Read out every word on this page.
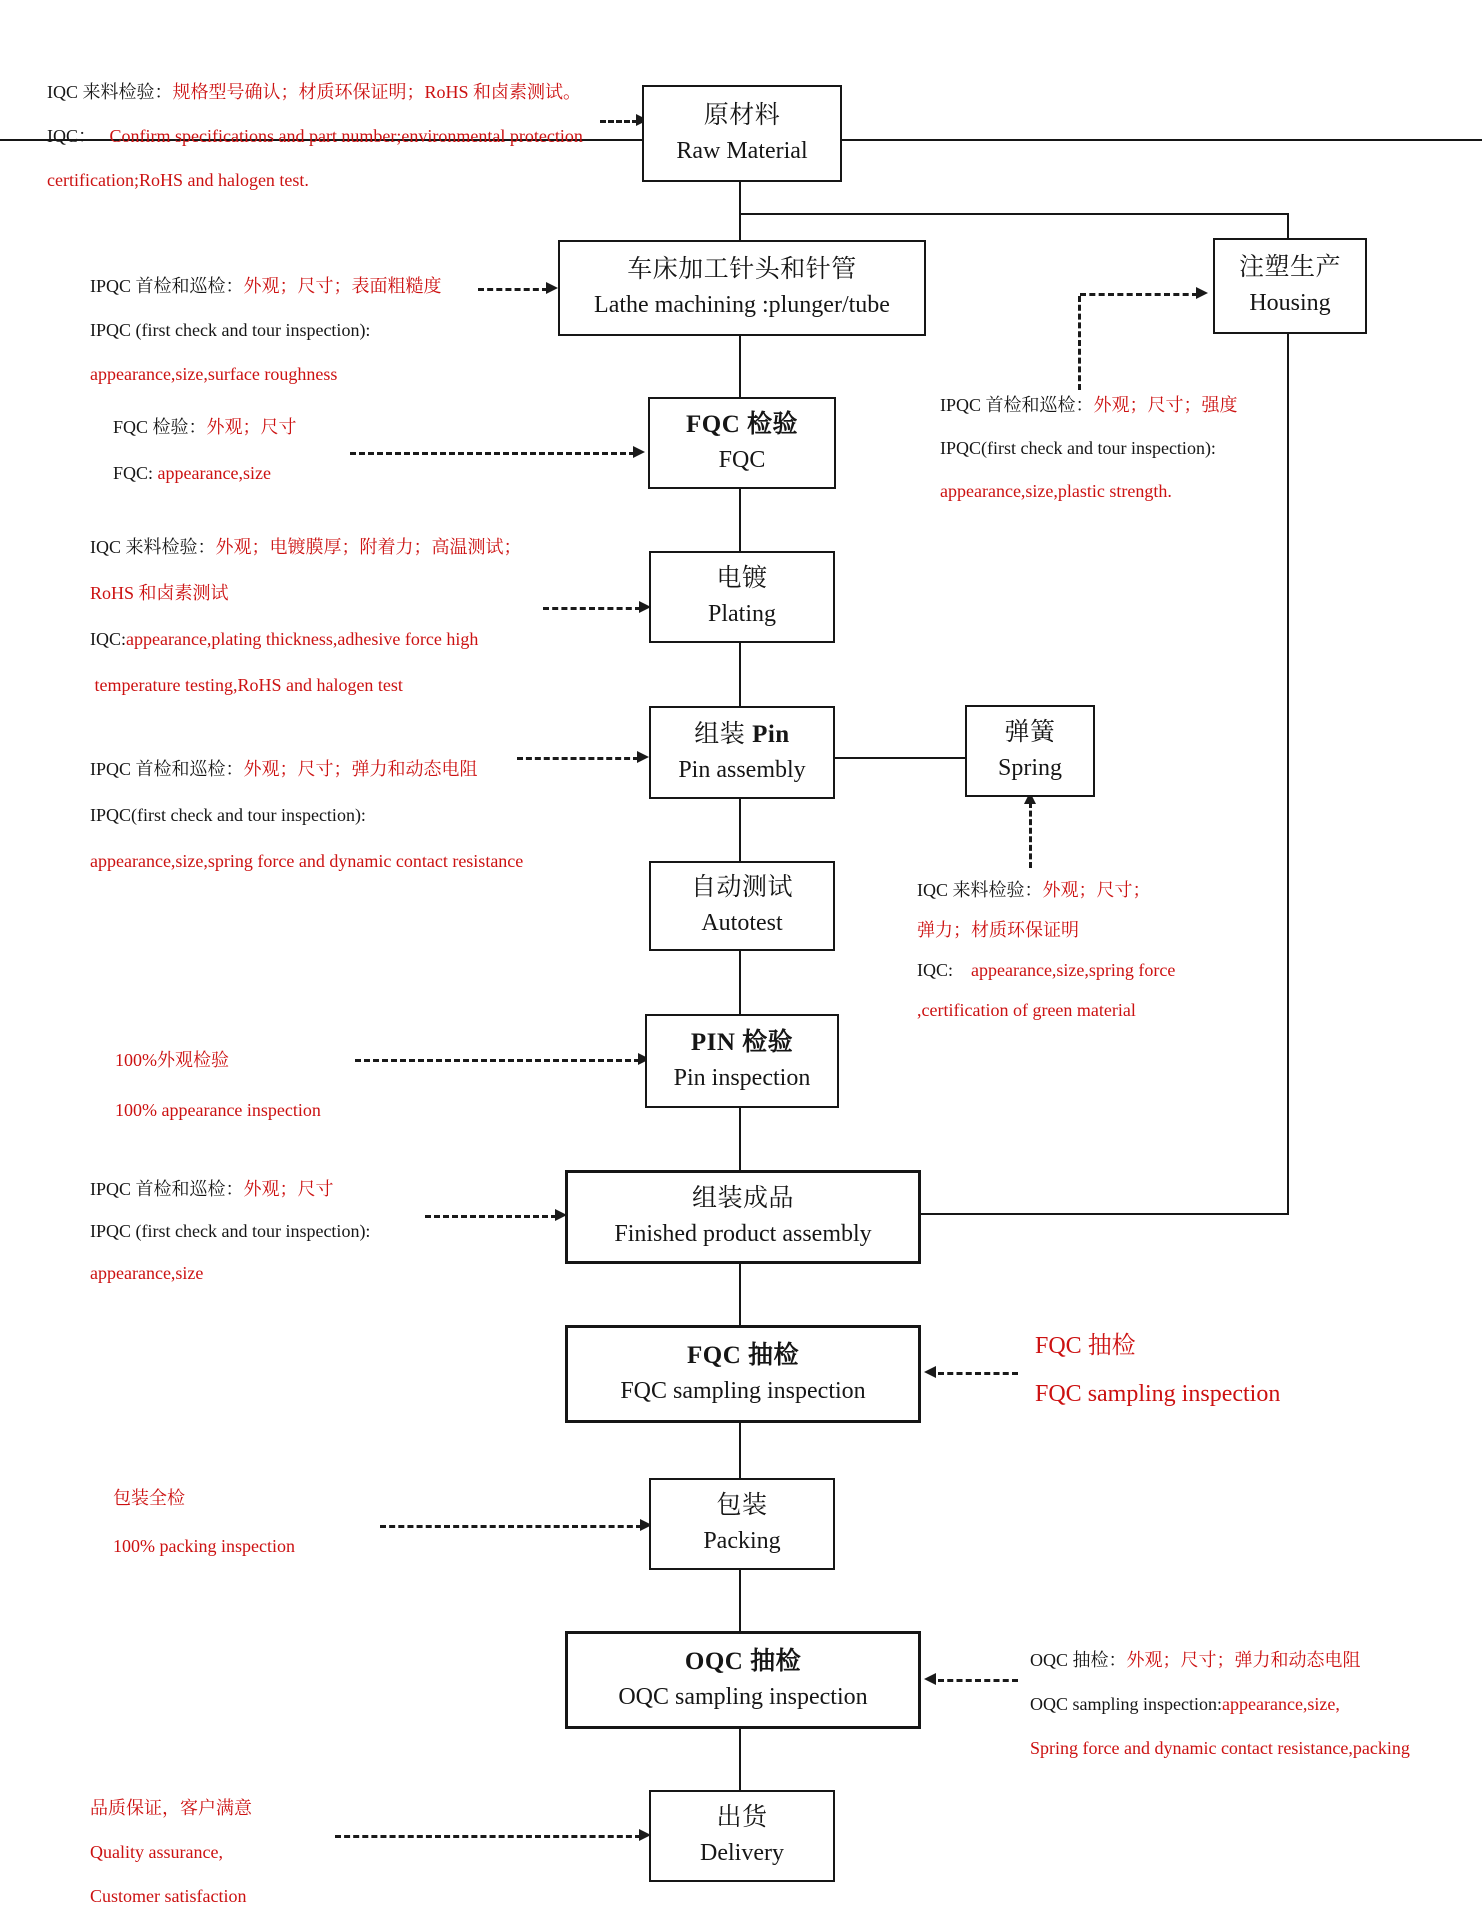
原材料
Raw Material
车床加工针头和针管
Lathe machining :plunger/tube
注塑生产
Housing
FQC 检验
FQC
电镀
Plating
组装 Pin
Pin assembly
弹簧
Spring
自动测试
Autotest
PIN 检验
Pin inspection
组装成品
Finished product assembly
FQC 抽检
FQC sampling inspection
包装
Packing
OQC 抽检
OQC sampling inspection
出货
Delivery
IQC 来料检验：规格型号确认；材质环保证明；RoHS 和卤素测试。
IQC：   Confirm specifications and part number;environmental protection
certification;RoHS and halogen test.
IPQC 首检和巡检：外观；尺寸；表面粗糙度
IPQC (first check and tour inspection):
appearance,size,surface roughness
FQC 检验：外观；尺寸
FQC: appearance,size
IQC 来料检验：外观；电镀膜厚；附着力；高温测试；
RoHS 和卤素测试
IQC:appearance,plating thickness,adhesive force high
temperature testing,RoHS and halogen test
IPQC 首检和巡检：外观；尺寸；弹力和动态电阻
IPQC(first check and tour inspection):
appearance,size,spring force and dynamic contact resistance
100%外观检验
100% appearance inspection
IPQC 首检和巡检：外观；尺寸
IPQC (first check and tour inspection):
appearance,size
FQC 抽检
FQC sampling inspection
包装全检
100% packing inspection
OQC 抽检：外观；尺寸；弹力和动态电阻
OQC sampling inspection:appearance,size,
Spring force and dynamic contact resistance,packing
品质保证，客户满意
Quality assurance,
Customer satisfaction
IQC 来料检验：外观；尺寸；
弹力；材质环保证明
IQC:    appearance,size,spring force
,certification of green material
IPQC 首检和巡检：外观；尺寸；强度
IPQC(first check and tour inspection):
appearance,size,plastic strength.
